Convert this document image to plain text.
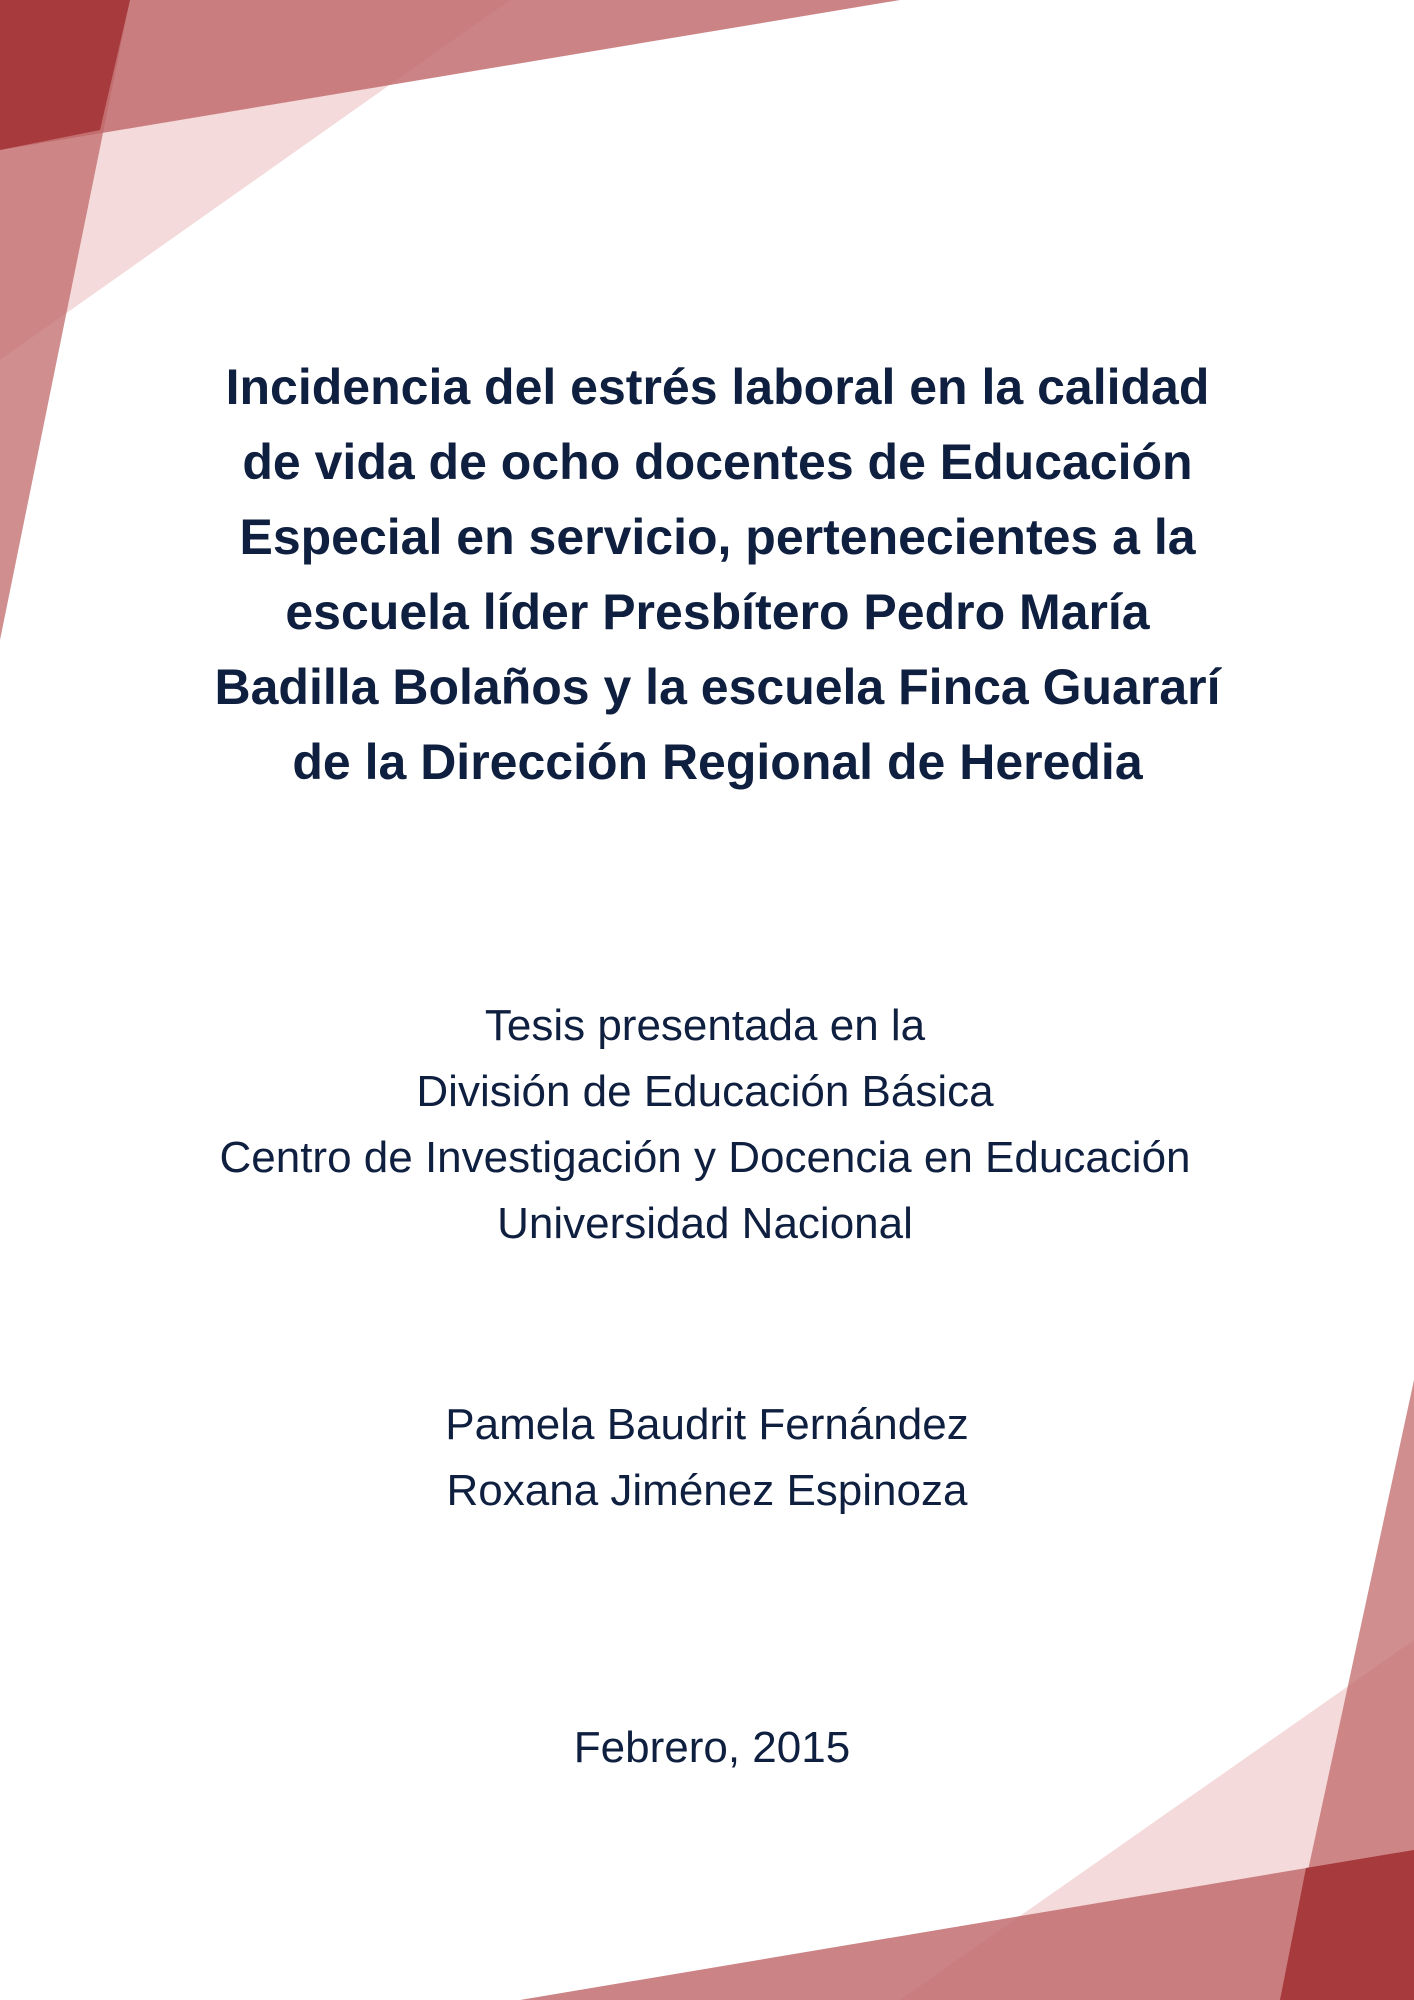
Incidencia del estrés laboral en la calidad
de vida de ocho docentes de Educación
Especial en servicio, pertenecientes a la
escuela líder Presbítero Pedro María
Badilla Bolaños y la escuela Finca Guararí
de la Dirección Regional de Heredia
Tesis presentada en la
División de Educación Básica
Centro de Investigación y Docencia en Educación
Universidad Nacional
Pamela Baudrit Fernández
Roxana Jiménez Espinoza
Febrero, 2015
